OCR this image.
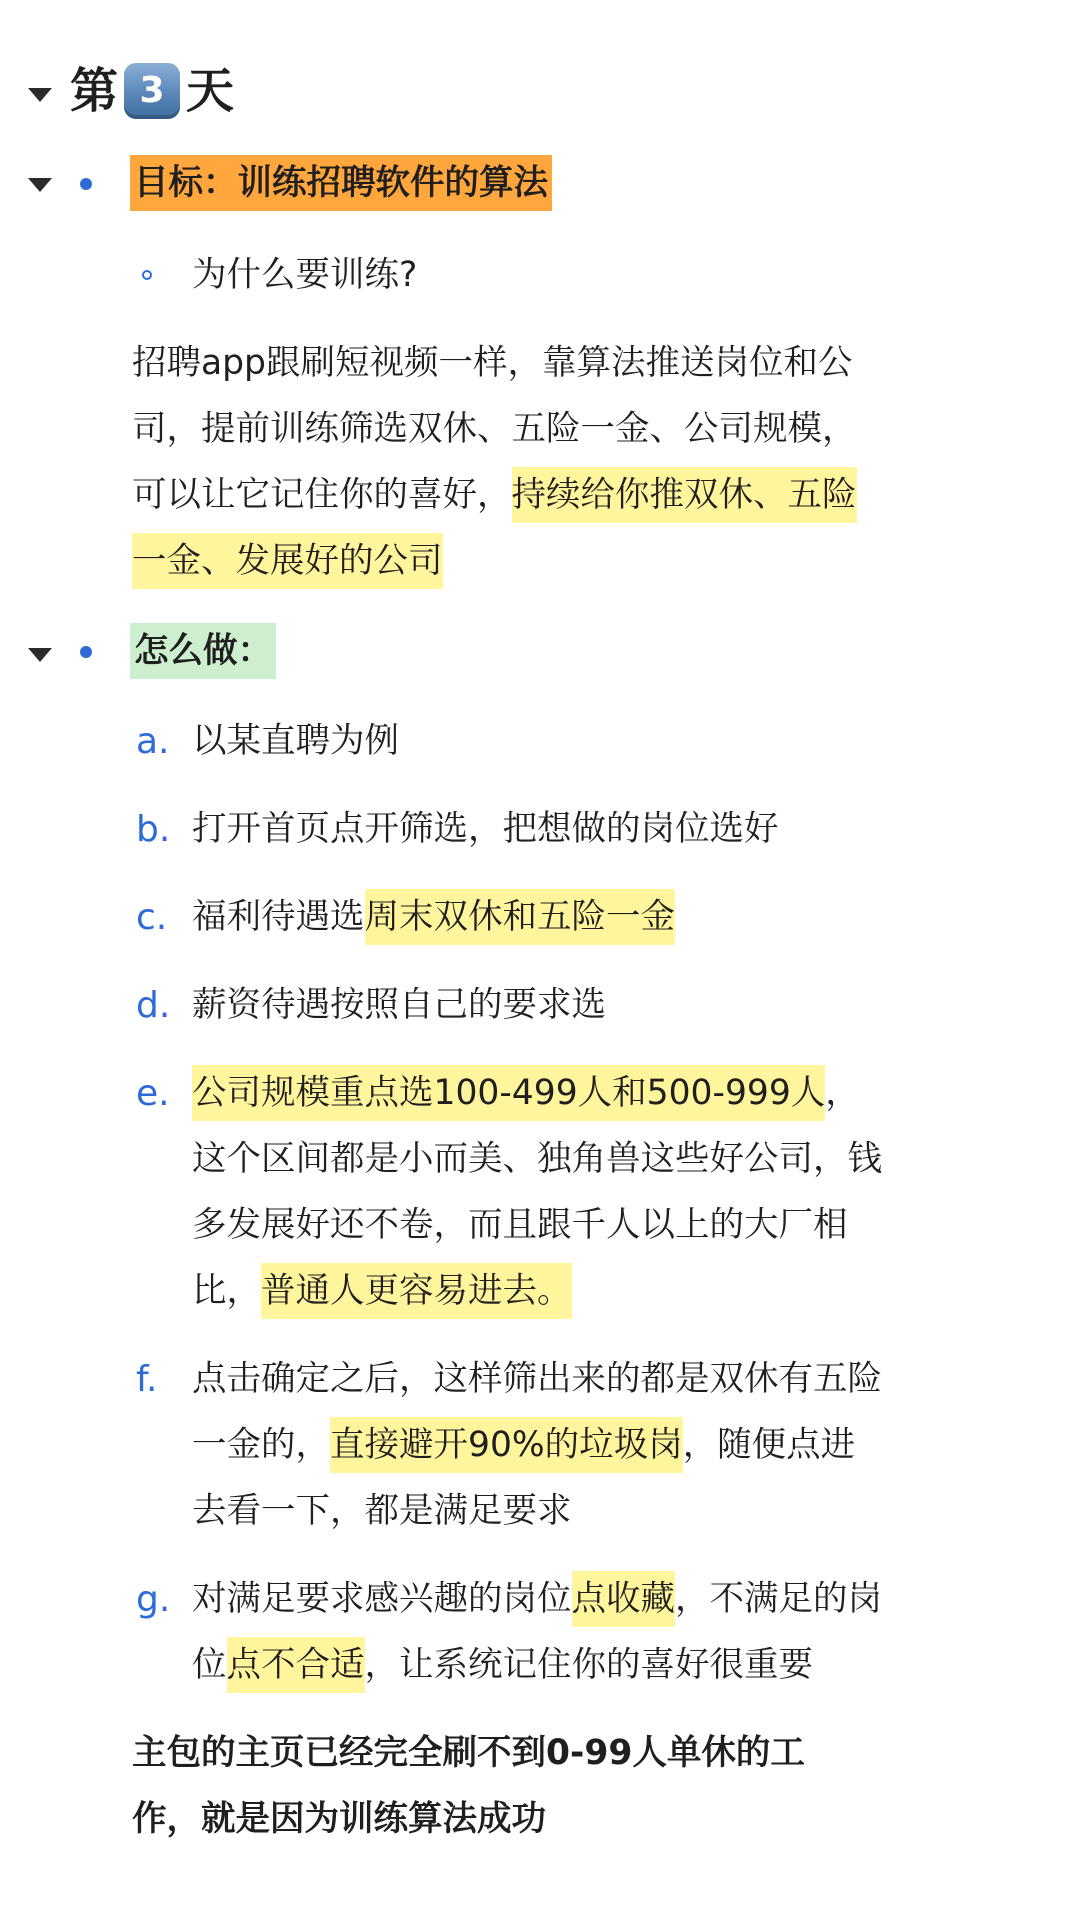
第 3 天
目标：训练招聘软件的算法
为什么要训练?
招聘app跟刷短视频一样，靠算法推送岗位和公
司，提前训练筛选双休、五险一金、公司规模，
可以让它记住你的喜好，持续给你推双休、五险
一金、发展好的公司
怎么做：
a. 以某直聘为例
b. 打开首页点开筛选，把想做的岗位选好
c. 福利待遇选周末双休和五险一金
d. 薪资待遇按照自己的要求选
e. 公司规模重点选100-499人和500-999人，
这个区间都是小而美、独角兽这些好公司，钱
多发展好还不卷，而且跟千人以上的大厂相
比，普通人更容易进去。
f. 点击确定之后，这样筛出来的都是双休有五险
一金的，直接避开90%的垃圾岗，随便点进
去看一下，都是满足要求
g. 对满足要求感兴趣的岗位点收藏，不满足的岗
位点不合适，让系统记住你的喜好很重要
主包的主页已经完全刷不到0-99人单休的工
作，就是因为训练算法成功
